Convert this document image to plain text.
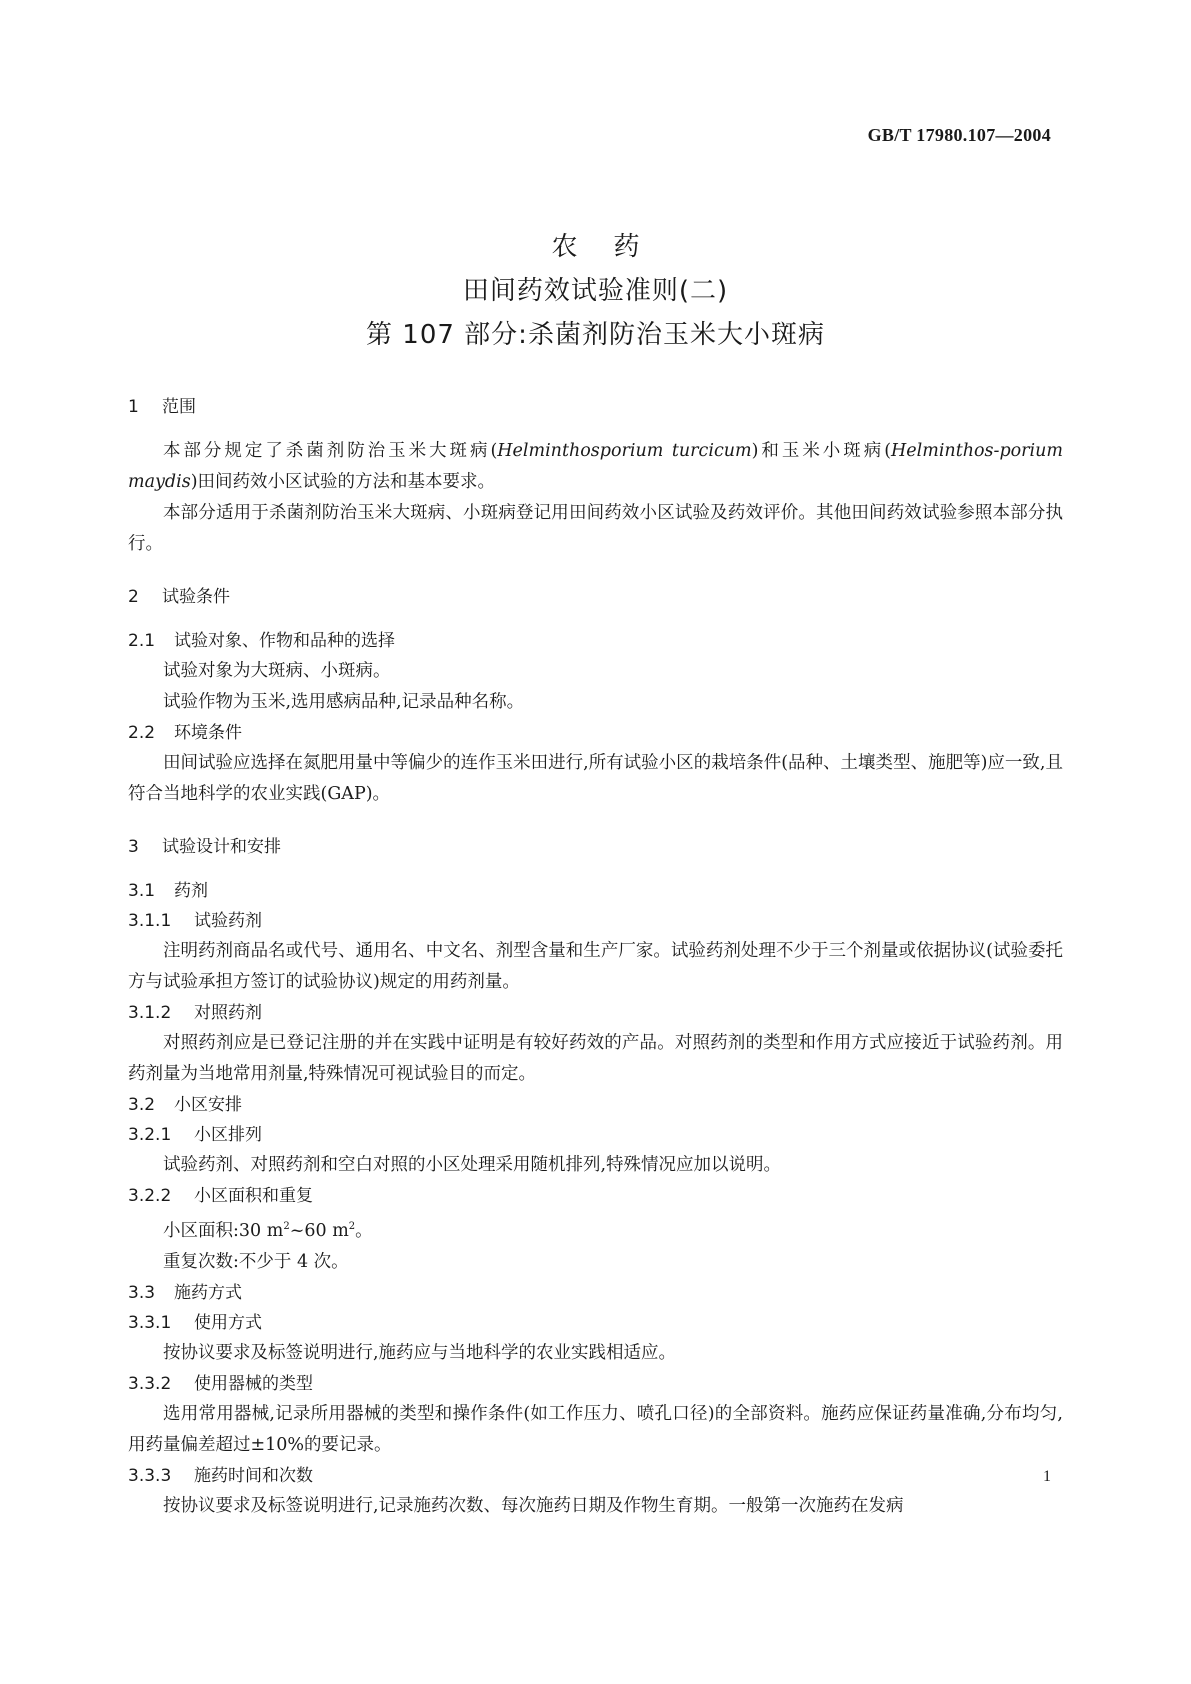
GB/T 17980.107—2004
农药
田间药效试验准则(二)
第 107 部分:杀菌剂防治玉米大小斑病
1 范围

本部分规定了杀菌剂防治玉米大斑病(Helminthosporium turcicum)和玉米小斑病(Helminthos-porium maydis)田间药效小区试验的方法和基本要求。

本部分适用于杀菌剂防治玉米大斑病、小斑病登记用田间药效小区试验及药效评价。其他田间药效试验参照本部分执行。

2 试验条件
2.1 试验对象、作物和品种的选择

试验对象为大斑病、小斑病。

试验作物为玉米,选用感病品种,记录品种名称。

2.2 环境条件

田间试验应选择在氮肥用量中等偏少的连作玉米田进行,所有试验小区的栽培条件(品种、土壤类型、施肥等)应一致,且符合当地科学的农业实践(GAP)。

3 试验设计和安排
3.1 药剂
3.1.1 试验药剂

注明药剂商品名或代号、通用名、中文名、剂型含量和生产厂家。试验药剂处理不少于三个剂量或依据协议(试验委托方与试验承担方签订的试验协议)规定的用药剂量。

3.1.2 对照药剂

对照药剂应是已登记注册的并在实践中证明是有较好药效的产品。对照药剂的类型和作用方式应接近于试验药剂。用药剂量为当地常用剂量,特殊情况可视试验目的而定。

3.2 小区安排
3.2.1 小区排列

试验药剂、对照药剂和空白对照的小区处理采用随机排列,特殊情况应加以说明。

3.2.2 小区面积和重复

小区面积:30 $m^2\sim 60$ $m^2$。

重复次数:不少于 4 次。

3.3 施药方式
3.3.1 使用方式

按协议要求及标签说明进行,施药应与当地科学的农业实践相适应。

3.3.2 使用器械的类型

选用常用器械,记录所用器械的类型和操作条件(如工作压力、喷孔口径)的全部资料。施药应保证药量准确,分布均匀,用药量偏差超过±10%的要记录。

3.3.3 施药时间和次数

按协议要求及标签说明进行,记录施药次数、每次施药日期及作物生育期。一般第一次施药在发病

1
